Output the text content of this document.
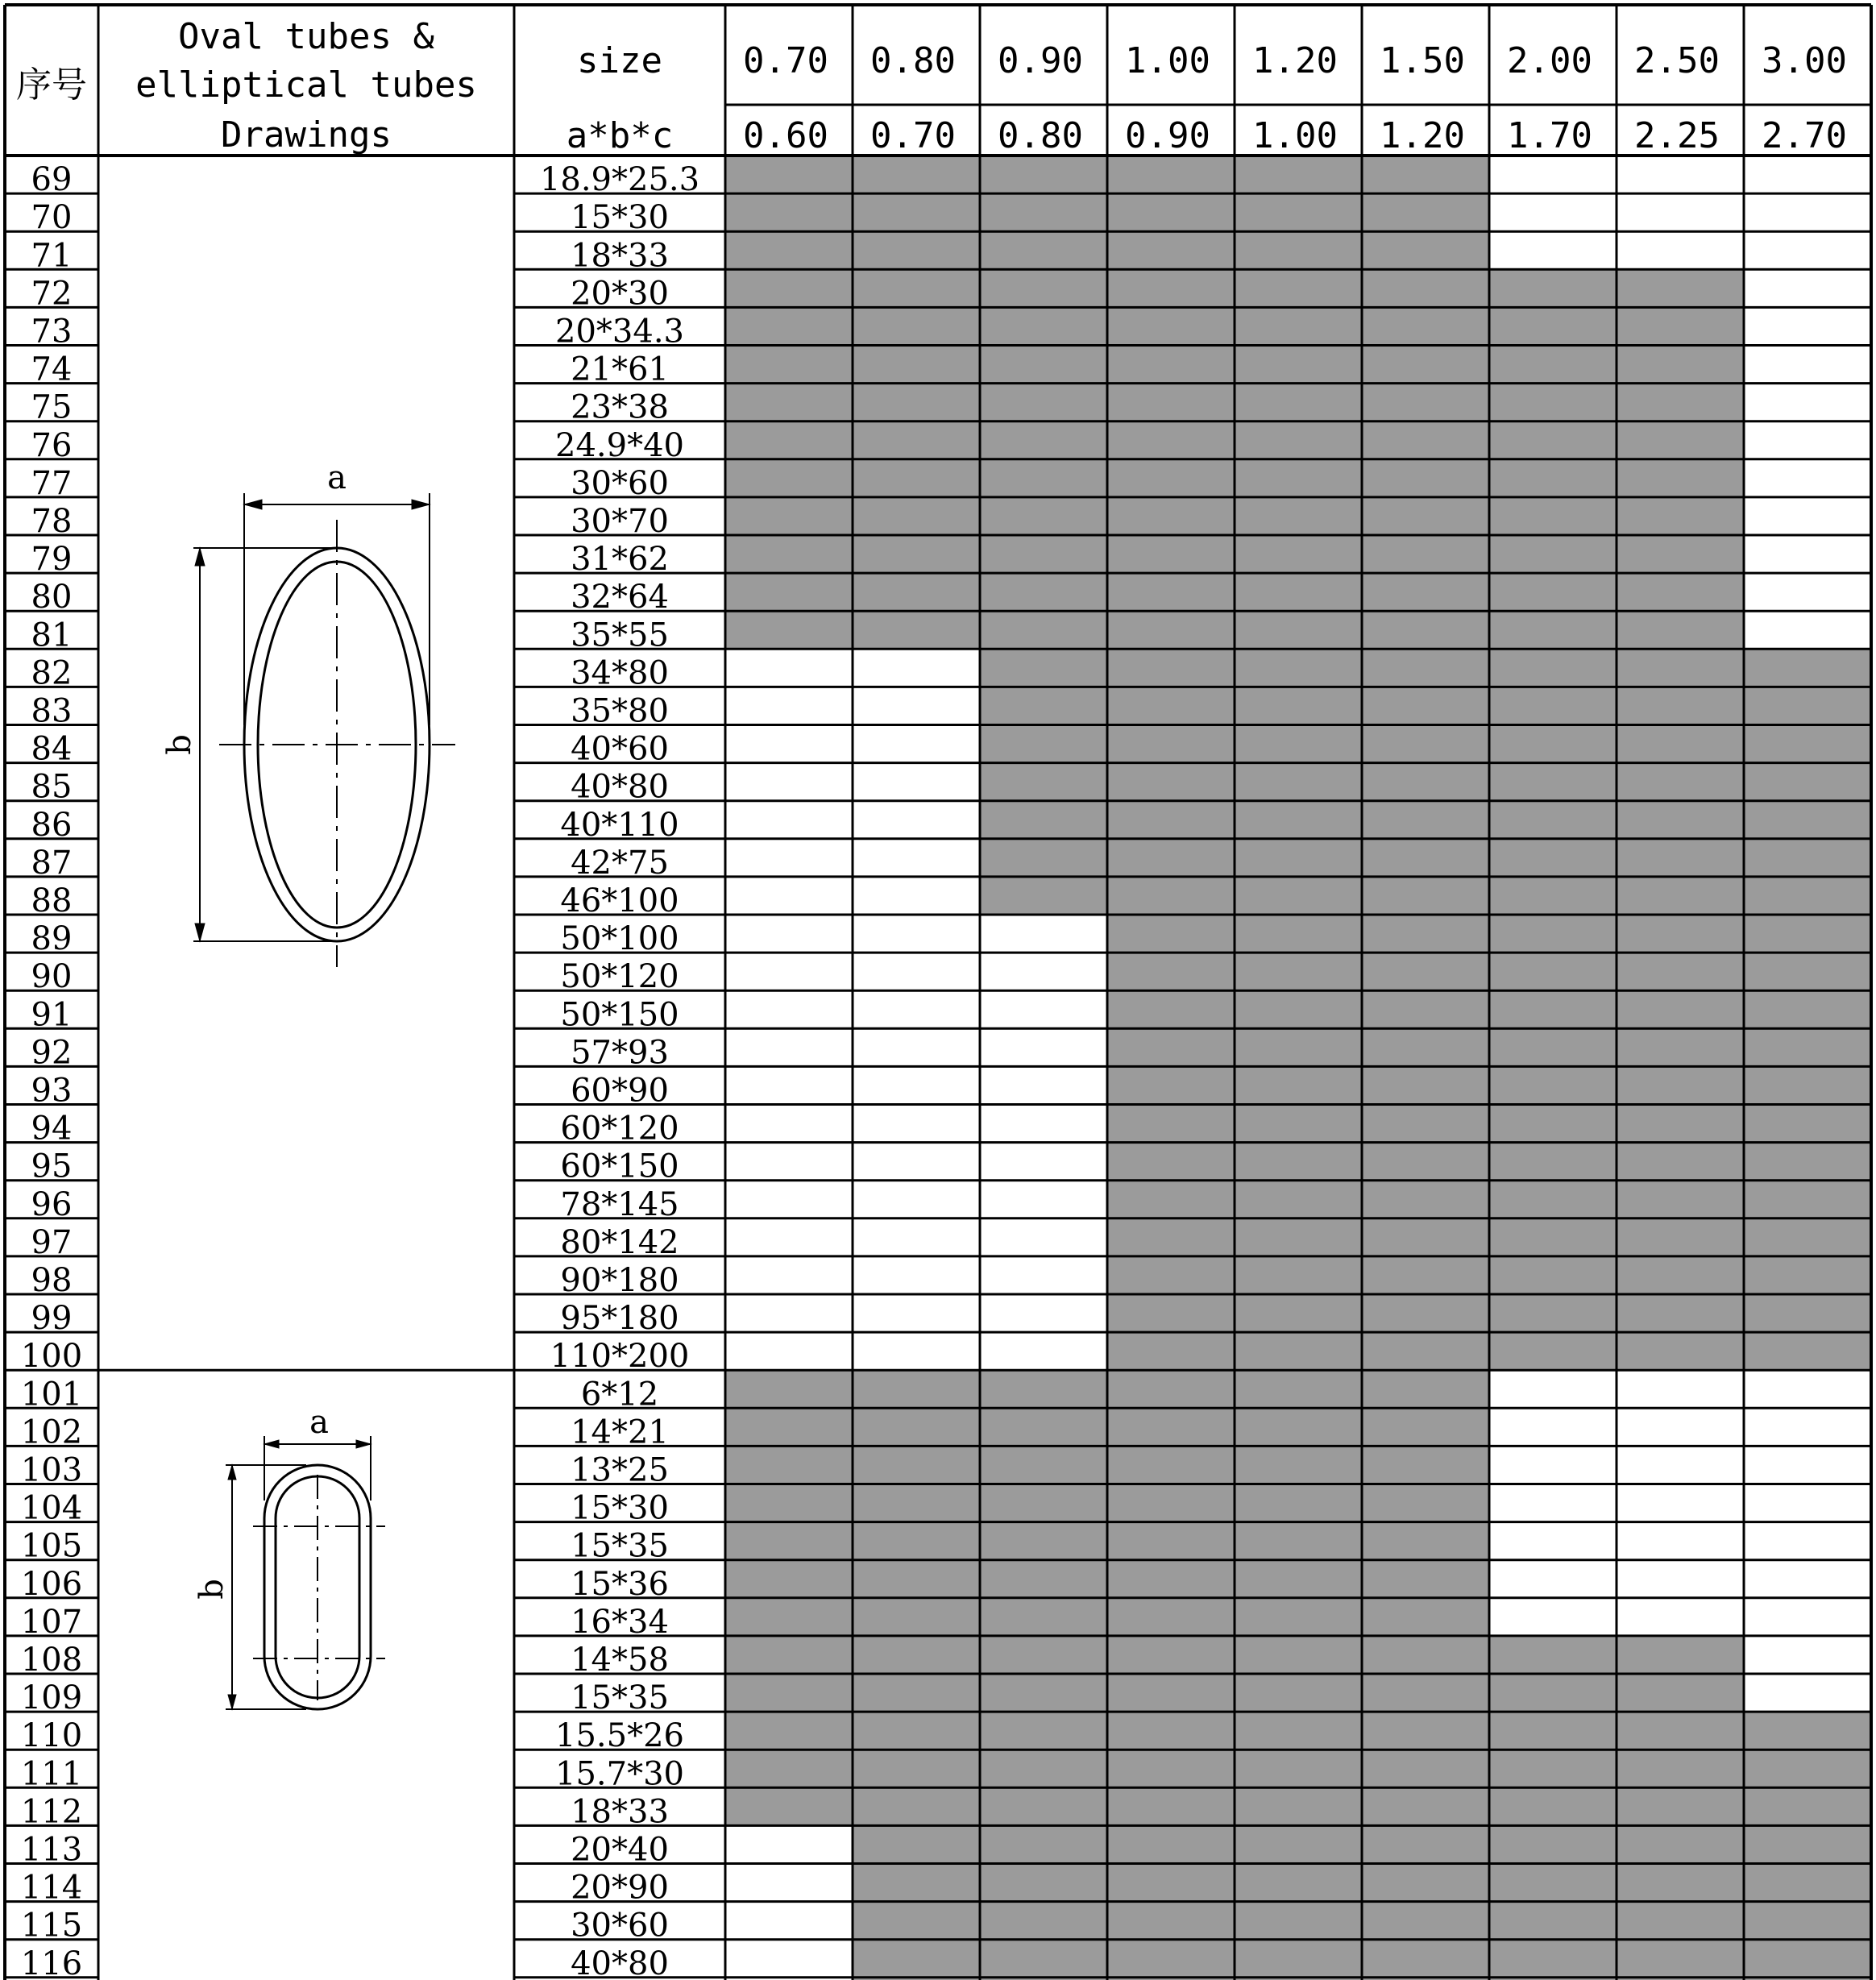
序号
Oval tubes &
elliptical tubes
Drawings
size
a*b*c
0.70 0.80 0.90 1.00 1.20 1.50 2.00 2.50 3.00
0.60 0.70 0.80 0.90 1.00 1.20 1.70 2.25 2.70
69	18.9*25.3
70	15*30
71	18*33
72	20*30
73	20*34.3
74	21*61
75	23*38
76	24.9*40
77	30*60
78	30*70
79	31*62
80	32*64
81	35*55
82	34*80
83	35*80
84	40*60
85	40*80
86	40*110
87	42*75
88	46*100
89	50*100
90	50*120
91	50*150
92	57*93
93	60*90
94	60*120
95	60*150
96	78*145
97	80*142
98	90*180
99	95*180
100	110*200
101	6*12
102	14*21
103	13*25
104	15*30
105	15*35
106	15*36
107	16*34
108	14*58
109	15*35
110	15.5*26
111	15.7*30
112	18*33
113	20*40
114	20*90
115	30*60
116	40*80
a
b
a
b
